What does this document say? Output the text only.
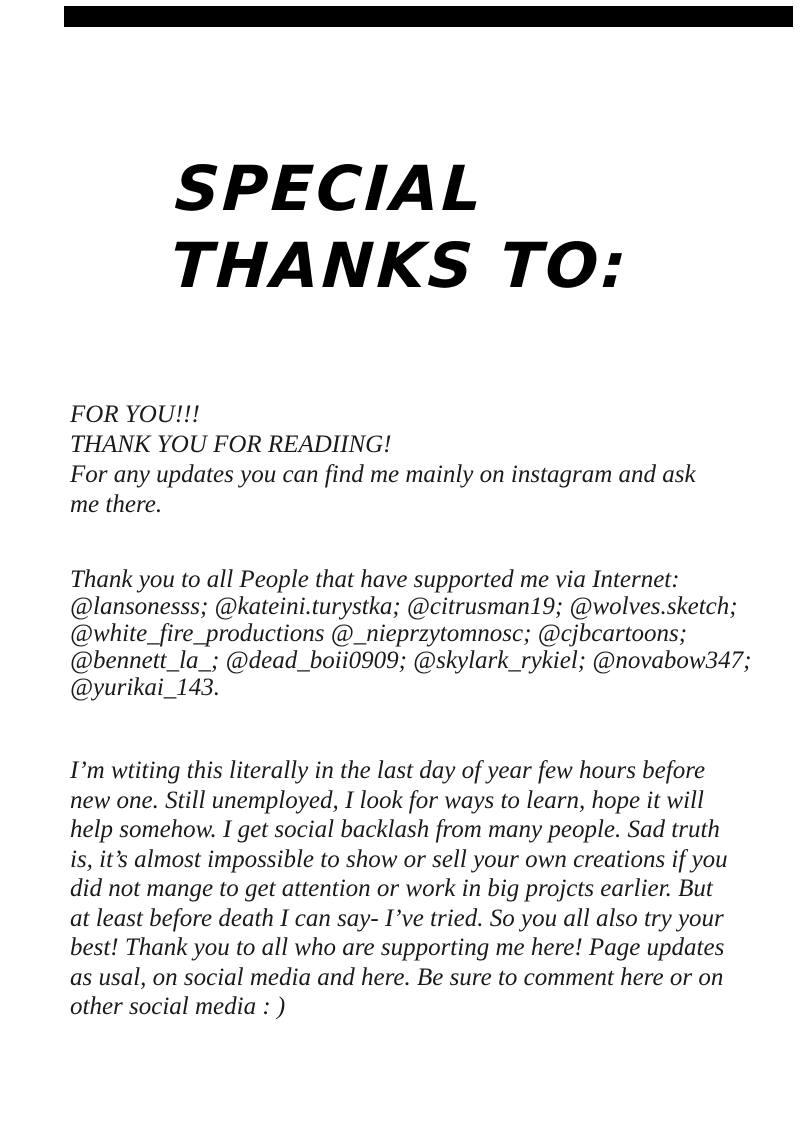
SPECIAL
THANKS TO:
FOR YOU!!!
THANK YOU FOR READIING!
For any updates you can find me mainly on instagram and ask
me there.
Thank you to all People that have supported me via Internet:
@lansonesss; @kateini.turystka; @citrusman19; @wolves.sketch;
@white_fire_productions @_nieprzytomnosc; @cjbcartoons;
@bennett_la_; @dead_boii0909; @skylark_rykiel; @novabow347;
@yurikai_143.
I’m wtiting this literally in the last day of year few hours before
new one. Still unemployed, I look for ways to learn, hope it will
help somehow. I get social backlash from many people. Sad truth
is, it’s almost impossible to show or sell your own creations if you
did not mange to get attention or work in big projcts earlier. But
at least before death I can say- I’ve tried. So you all also try your
best! Thank you to all who are supporting me here! Page updates
as usal, on social media and here. Be sure to comment here or on
other social media : )
